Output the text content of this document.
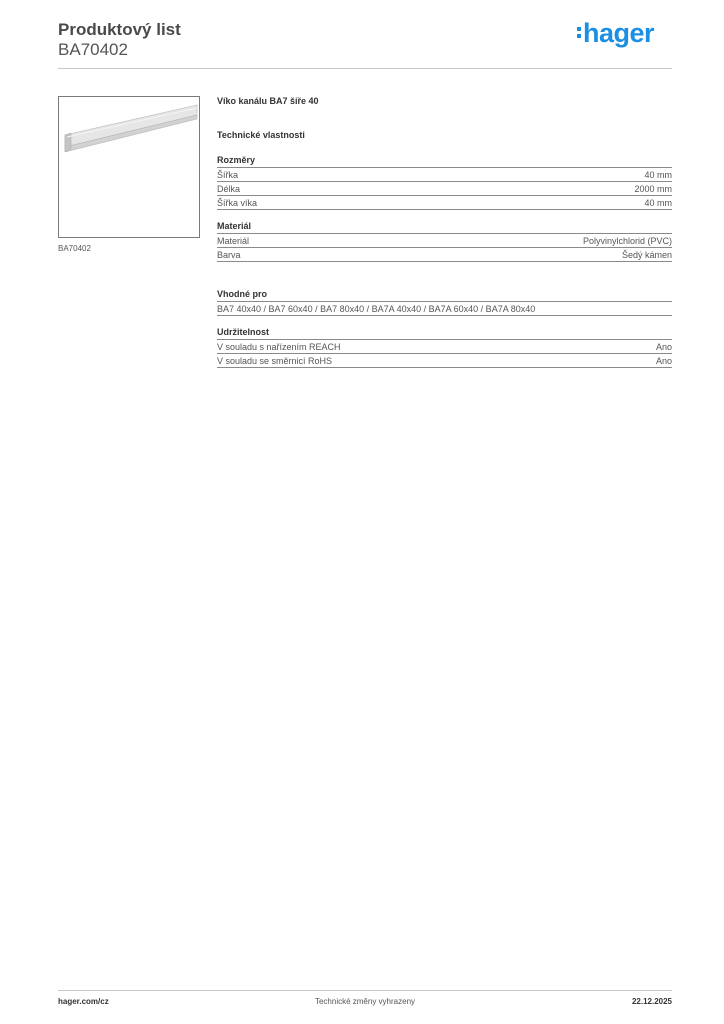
Produktový list
BA70402
hager
BA70402
Víko kanálu BA7 šíře 40
Technické vlastnosti
Rozměry
Šířka	40 mm
Délka	2000 mm
Šířka víka	40 mm
Materiál
Materiál	Polyvinylchlorid (PVC)
Barva	Šedý kámen
Vhodné pro
BA7 40x40 / BA7 60x40 / BA7 80x40 / BA7A 40x40 / BA7A 60x40 / BA7A 80x40
Udržitelnost
V souladu s nařízením REACH	Ano
V souladu se směrnicí RoHS	Ano
hager.com/cz	Technické změny vyhrazeny	22.12.2025
